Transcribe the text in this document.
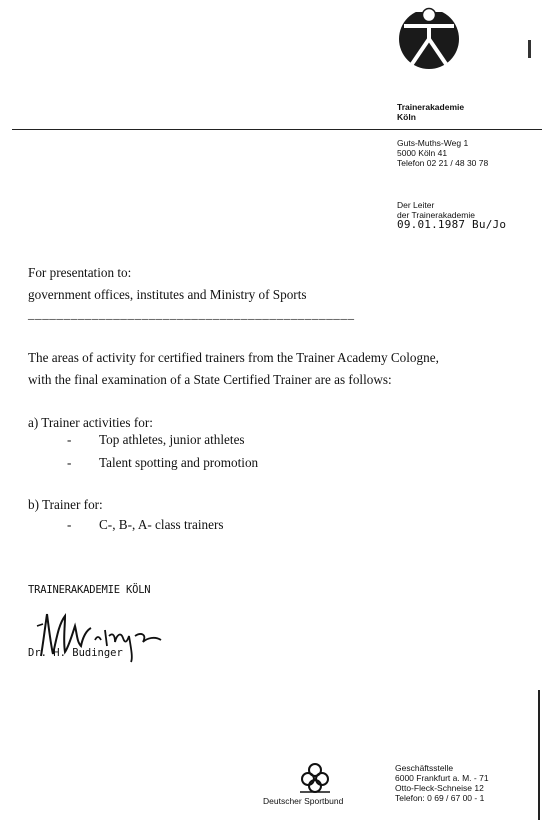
Trainerakademie
Köln
Guts-Muths-Weg 1
5000 Köln 41
Telefon 02 21 / 48 30 78
Der Leiter
der Trainerakademie
09.01.1987 Bu/Jo
For presentation to:
government offices, institutes and Ministry of Sports
______________________________________________
The areas of activity for certified trainers from the Trainer Academy Cologne,
with the final examination of a State Certified Trainer are as follows:
a) Trainer activities for:
- Top athletes, junior athletes
- Talent spotting and promotion
b) Trainer for:
- C-, B-, A- class trainers
TRAINERAKADEMIE KÖLN
Dr. H. Budinger
Deutscher Sportbund
Geschäftsstelle
6000 Frankfurt a. M. - 71
Otto-Fleck-Schneise 12
Telefon: 0 69 / 67 00 - 1
